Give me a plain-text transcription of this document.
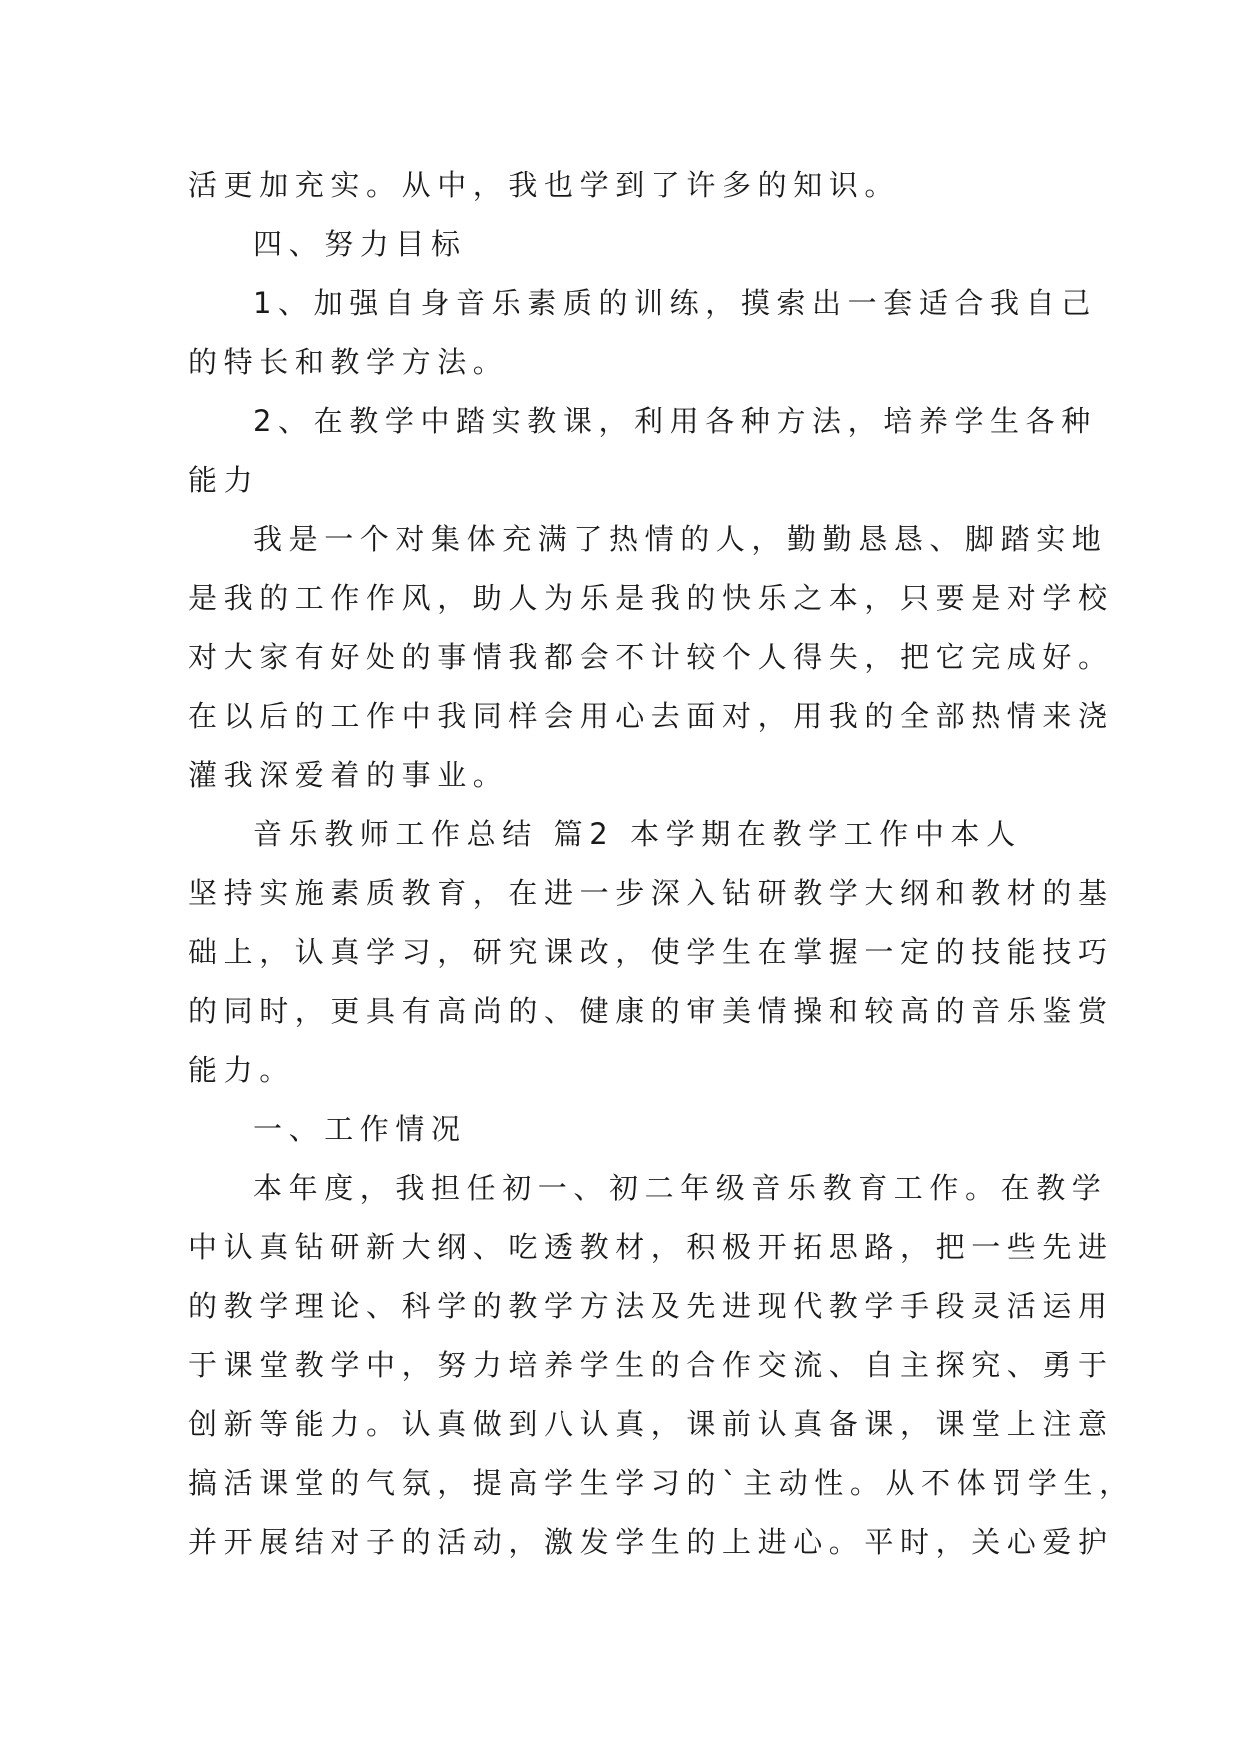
活更加充实。从中，我也学到了许多的知识。
四、努力目标
1、加强自身音乐素质的训练，摸索出一套适合我自己
的特长和教学方法。
2、在教学中踏实教课，利用各种方法，培养学生各种
能力
我是一个对集体充满了热情的人，勤勤恳恳、脚踏实地
是我的工作作风，助人为乐是我的快乐之本，只要是对学校
对大家有好处的事情我都会不计较个人得失，把它完成好。
在以后的工作中我同样会用心去面对，用我的全部热情来浇
灌我深爱着的事业。
音乐教师工作总结 篇2 本学期在教学工作中本人
坚持实施素质教育，在进一步深入钻研教学大纲和教材的基
础上，认真学习，研究课改，使学生在掌握一定的技能技巧
的同时，更具有高尚的、健康的审美情操和较高的音乐鉴赏
能力。
一、工作情况
本年度，我担任初一、初二年级音乐教育工作。在教学
中认真钻研新大纲、吃透教材，积极开拓思路，把一些先进
的教学理论、科学的教学方法及先进现代教学手段灵活运用
于课堂教学中，努力培养学生的合作交流、自主探究、勇于
创新等能力。认真做到八认真，课前认真备课，课堂上注意
搞活课堂的气氛，提高学生学习的`主动性。从不体罚学生，
并开展结对子的活动，激发学生的上进心。平时，关心爱护
